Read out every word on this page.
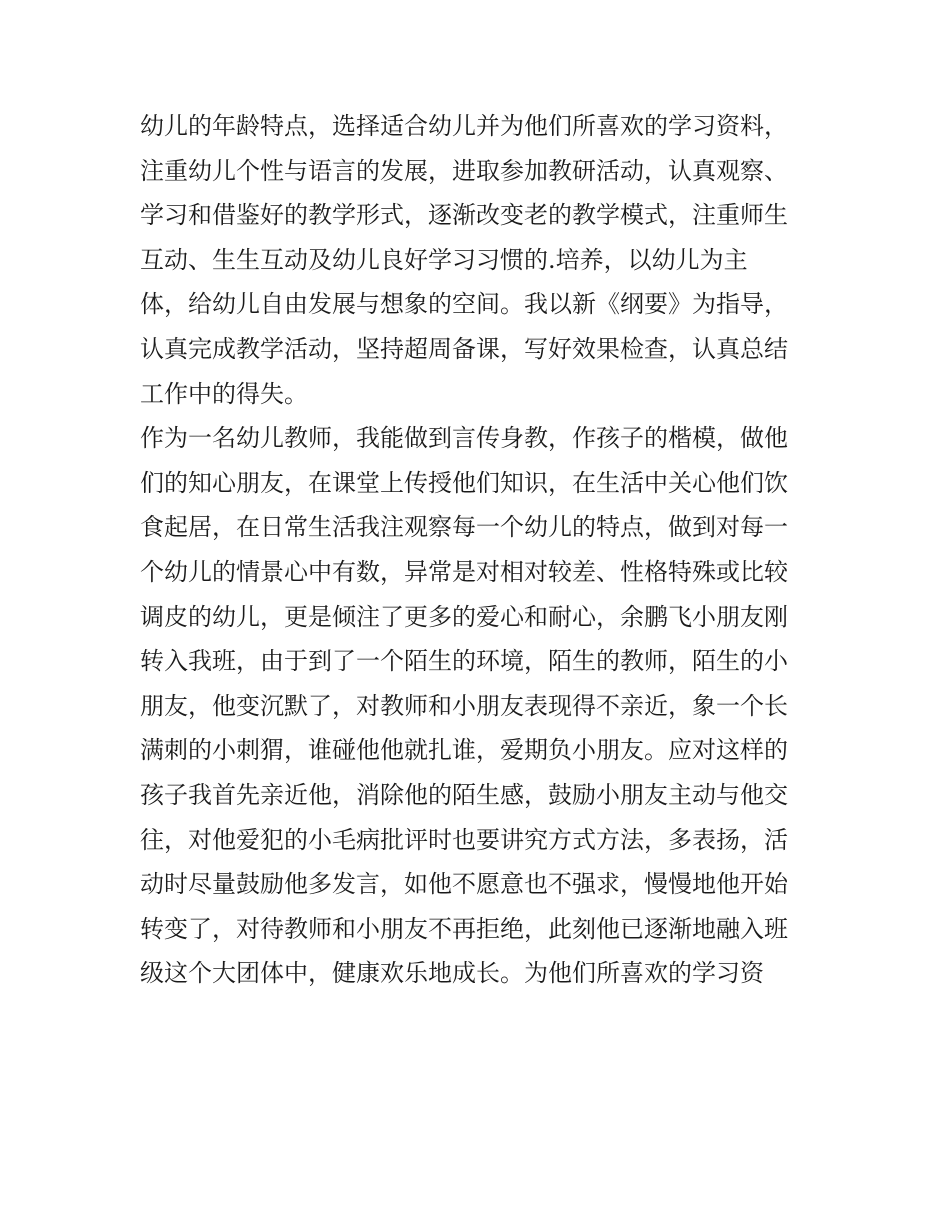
幼儿的年龄特点，选择适合幼儿并为他们所喜欢的学习资料，
注重幼儿个性与语言的发展，进取参加教研活动，认真观察、
学习和借鉴好的教学形式，逐渐改变老的教学模式，注重师生
互动、生生互动及幼儿良好学习习惯的.培养，以幼儿为主
体，给幼儿自由发展与想象的空间。我以新《纲要》为指导，
认真完成教学活动，坚持超周备课，写好效果检查，认真总结
工作中的得失。
作为一名幼儿教师，我能做到言传身教，作孩子的楷模，做他
们的知心朋友，在课堂上传授他们知识，在生活中关心他们饮
食起居，在日常生活我注观察每一个幼儿的特点，做到对每一
个幼儿的情景心中有数，异常是对相对较差、性格特殊或比较
调皮的幼儿，更是倾注了更多的爱心和耐心，余鹏飞小朋友刚
转入我班，由于到了一个陌生的环境，陌生的教师，陌生的小
朋友，他变沉默了，对教师和小朋友表现得不亲近，象一个长
满刺的小刺猬，谁碰他他就扎谁，爱期负小朋友。应对这样的
孩子我首先亲近他，消除他的陌生感，鼓励小朋友主动与他交
往，对他爱犯的小毛病批评时也要讲究方式方法，多表扬，活
动时尽量鼓励他多发言，如他不愿意也不强求，慢慢地他开始
转变了，对待教师和小朋友不再拒绝，此刻他已逐渐地融入班
级这个大团体中，健康欢乐地成长。为他们所喜欢的学习资
